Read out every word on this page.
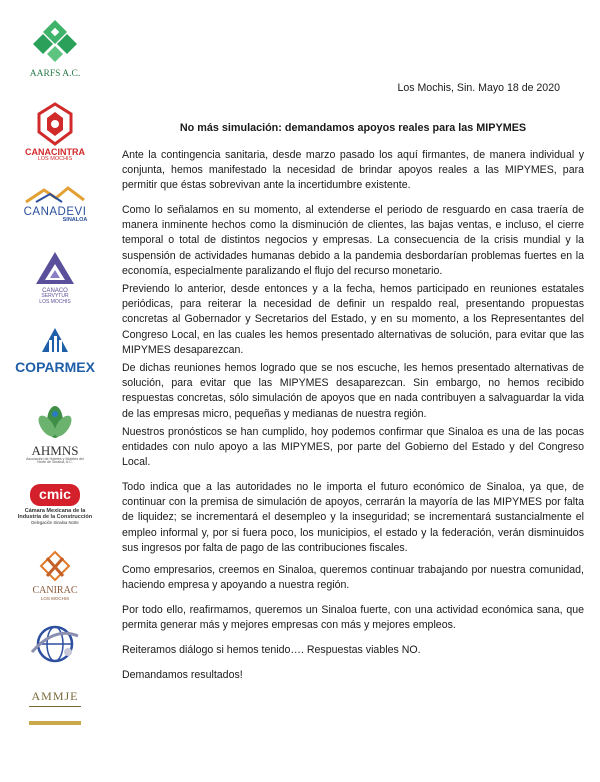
AARFS A.C.
CANACINTRA
LOS MOCHIS
CANADEVI
SINALOA
CANACO
SERVYTUR
LOS MOCHIS
COPARMEX
AHMNS
Asociación de Hoteles y Moteles del Norte de Sinaloa, A.C.
cmic
Cámara Mexicana de la
Industria de la Construcción
Delegación Sinaloa Norte
CANIRAC
LOS MOCHIS
AMMJE
Los Mochis, Sin. Mayo 18 de 2020
No más simulación: demandamos apoyos reales para las MIPYMES

Ante la contingencia sanitaria, desde marzo pasado los aquí firmantes, de manera individual y conjunta, hemos manifestado la necesidad de brindar apoyos reales a las MIPYMES, para permitir que éstas sobrevivan ante la incertidumbre existente.

Como lo señalamos en su momento, al extenderse el periodo de resguardo en casa traería de manera inminente hechos como la disminución de clientes, las bajas ventas, e incluso, el cierre temporal o total de distintos negocios y empresas. La consecuencia de la crisis mundial y la suspensión de actividades humanas debido a la pandemia desbordarían problemas fuertes en la economía, especialmente paralizando el flujo del recurso monetario.

Previendo lo anterior, desde entonces y a la fecha, hemos participado en reuniones estatales periódicas, para reiterar la necesidad de definir un respaldo real, presentando propuestas concretas al Gobernador y Secretarios del Estado, y en su momento, a los Representantes del Congreso Local, en las cuales les hemos presentado alternativas de solución, para evitar que las MIPYMES desaparezcan.

De dichas reuniones hemos logrado que se nos escuche, les hemos presentado alternativas de solución, para evitar que las MIPYMES desaparezcan. Sin embargo, no hemos recibido respuestas concretas, sólo simulación de apoyos que en nada contribuyen a salvaguardar la vida de las empresas micro, pequeñas y medianas de nuestra región.

Nuestros pronósticos se han cumplido, hoy podemos confirmar que Sinaloa es una de las pocas entidades con nulo apoyo a las MIPYMES, por parte del Gobierno del Estado y del Congreso Local.

Todo indica que a las autoridades no le importa el futuro económico de Sinaloa, ya que, de continuar con la premisa de simulación de apoyos, cerrarán la mayoría de las MIPYMES por falta de liquidez; se incrementará el desempleo y la inseguridad; se incrementará sustancialmente el empleo informal y, por si fuera poco, los municipios, el estado y la federación, verán disminuidos sus ingresos por falta de pago de las contribuciones fiscales.

Como empresarios, creemos en Sinaloa, queremos continuar trabajando por nuestra comunidad, haciendo empresa y apoyando a nuestra región.

Por todo ello, reafirmamos, queremos un Sinaloa fuerte, con una actividad económica sana, que permita generar más y mejores empresas con más y mejores empleos.

Reiteramos diálogo si hemos tenido…. Respuestas viables NO.

Demandamos resultados!
